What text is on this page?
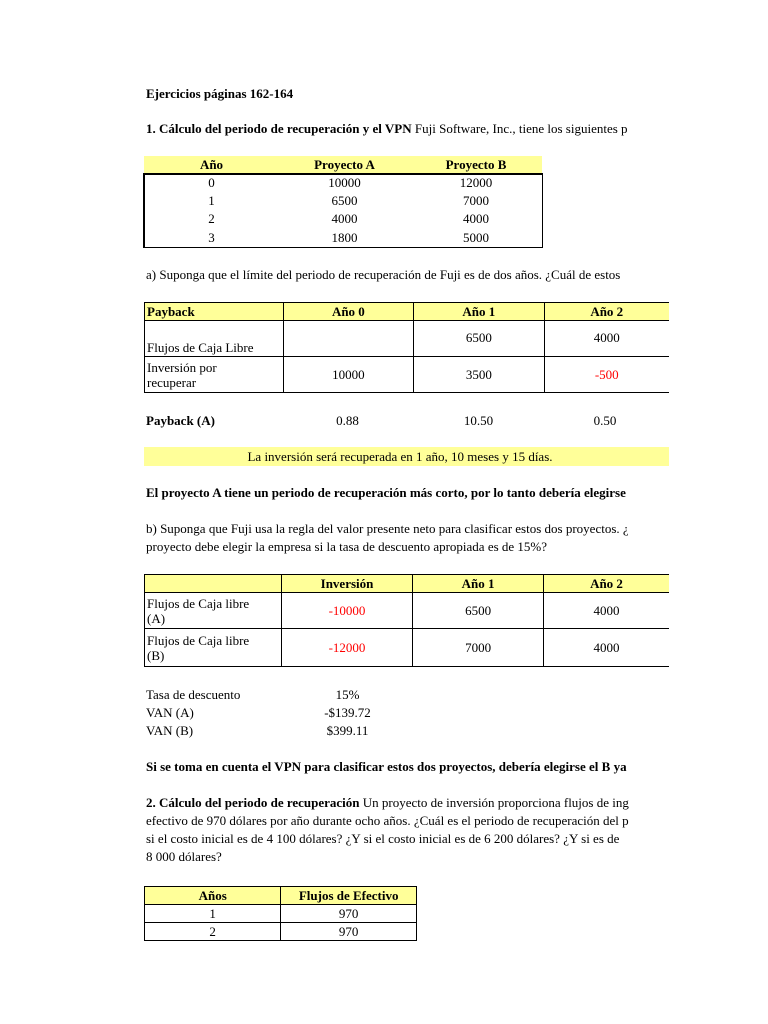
Ejercicios páginas 162-164
1. Cálculo del periodo de recuperación y el VPN Fuji Software, Inc., tiene los siguientes p
Año	Proyecto A	Proyecto B
0	10000	12000
1	6500	7000
2	4000	4000
3	1800	5000
a) Suponga que el límite del periodo de recuperación de Fuji es de dos años. ¿Cuál de estos
Payback	Año 0	Año 1	Año 2
Flujos de Caja Libre		6500	4000

Inversión por
recuperar	10000	3500	-500
Payback (A)	0.88	10.50	0.50
La inversión será recuperada en 1 año, 10 meses y 15 días.
El proyecto A tiene un periodo de recuperación más corto, por lo tanto debería elegirse
b) Suponga que Fuji usa la regla del valor presente neto para clasificar estos dos proyectos. ¿
proyecto debe elegir la empresa si la tasa de descuento apropiada es de 15%?
	Inversión	Año 1	Año 2

Flujos de Caja libre
(A)	-10000	6500	4000

Flujos de Caja libre
(B)	-12000	7000	4000
Tasa de descuento	15%
VAN (A)	-$139.72
VAN (B)	$399.11
Si se toma en cuenta el VPN para clasificar estos dos proyectos, debería elegirse el B ya
2. Cálculo del periodo de recuperación Un proyecto de inversión proporciona flujos de ing
efectivo de 970 dólares por año durante ocho años. ¿Cuál es el periodo de recuperación del p
si el costo inicial es de 4 100 dólares? ¿Y si el costo inicial es de 6 200 dólares? ¿Y si es de
8 000 dólares?
Años	Flujos de Efectivo
1	970
2	970
